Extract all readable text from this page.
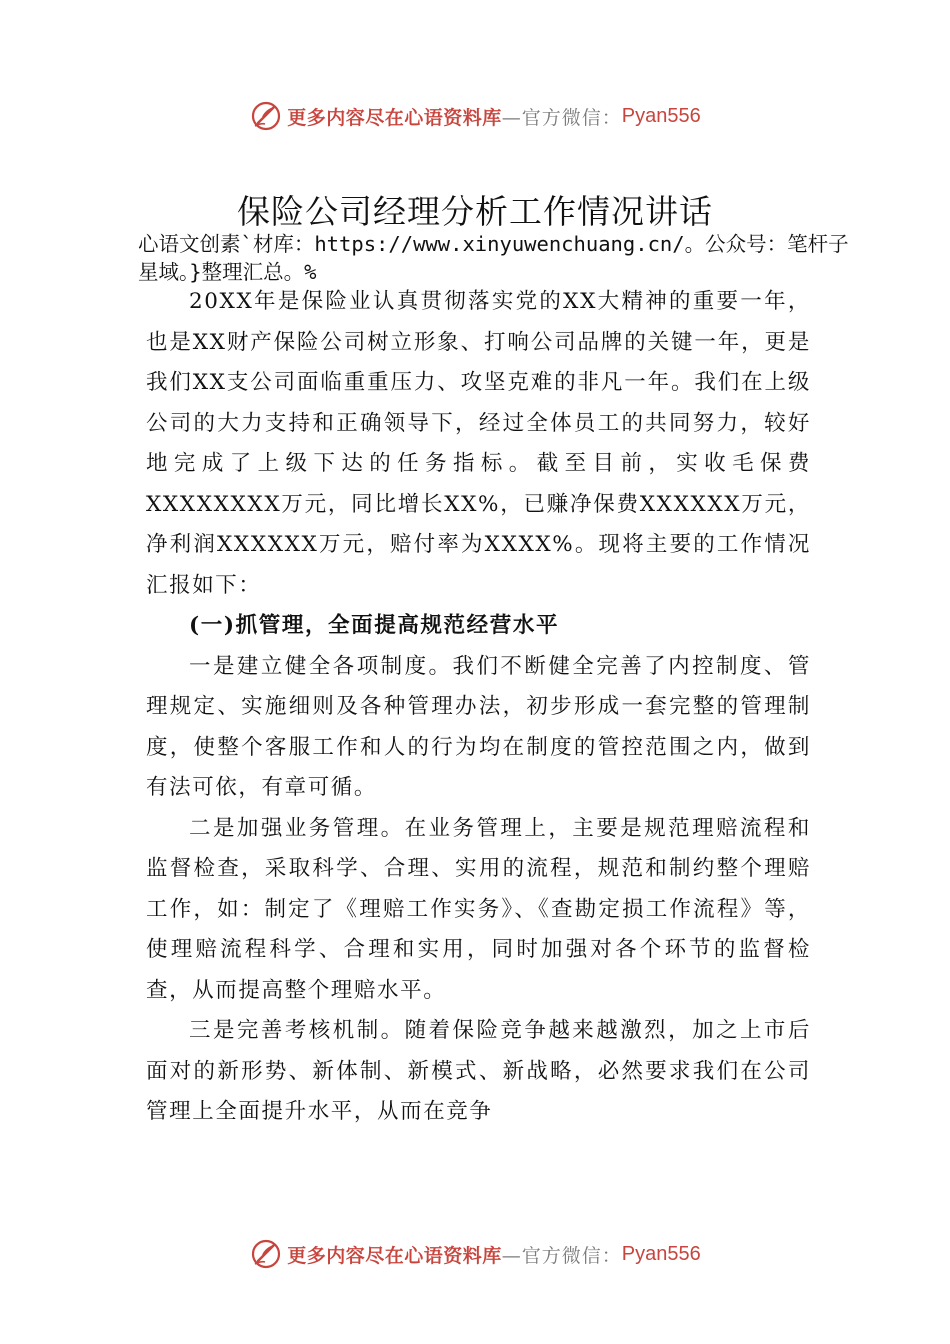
更多内容尽在心语资料库 —官方微信： Pyan556
保险公司经理分析工作情况讲话
心语文创素`材库：https://www.xinyuwenchuang.cn/。公众号：笔杆子星域。}整理汇总。%

20XX年是保险业认真贯彻落实党的XX大精神的重要一年，也是XX财产保险公司树立形象、打响公司品牌的关键一年，更是我们XX支公司面临重重压力、攻坚克难的非凡一年。我们在上级公司的大力支持和正确领导下，经过全体员工的共同努力，较好地完成了上级下达的任务指标。截至目前，实收毛保费XXXXXXXX万元，同比增长XX%，已赚净保费XXXXXX万元，净利润XXXXXX万元，赔付率为XXXX%。现将主要的工作情况汇报如下：

(一)抓管理，全面提高规范经营水平

一是建立健全各项制度。我们不断健全完善了内控制度、管理规定、实施细则及各种管理办法，初步形成一套完整的管理制度，使整个客服工作和人的行为均在制度的管控范围之内，做到有法可依，有章可循。

二是加强业务管理。在业务管理上，主要是规范理赔流程和监督检查，采取科学、合理、实用的流程，规范和制约整个理赔工作，如：制定了《理赔工作实务》、《查勘定损工作流程》等，使理赔流程科学、合理和实用，同时加强对各个环节的监督检查，从而提高整个理赔水平。

三是完善考核机制。随着保险竞争越来越激烈，加之上市后面对的新形势、新体制、新模式、新战略，必然要求我们在公司管理上全面提升水平，从而在竞争

更多内容尽在心语资料库 —官方微信： Pyan556
